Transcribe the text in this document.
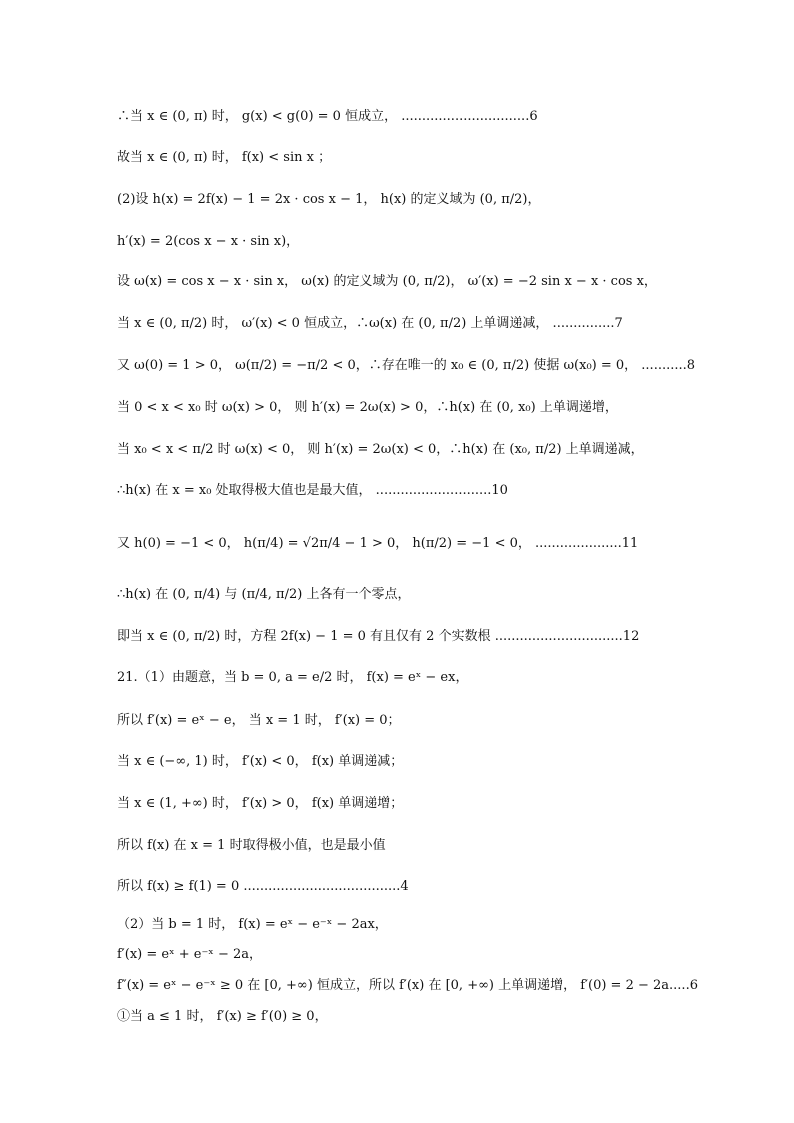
∴当 x ∈ (0, π) 时， g(x) < g(0) = 0 恒成立， ...............................6
故当 x ∈ (0, π) 时， f(x) < sin x ；
(2)设 h(x) = 2f(x) − 1 = 2x · cos x − 1， h(x) 的定义域为 (0, π/2)，
h′(x) = 2(cos x − x · sin x)，
设 ω(x) = cos x − x · sin x， ω(x) 的定义域为 (0, π/2)， ω′(x) = −2 sin x − x · cos x，
当 x ∈ (0, π/2) 时， ω′(x) < 0 恒成立，∴ω(x) 在 (0, π/2) 上单调递减， ...............7
又 ω(0) = 1 > 0， ω(π/2) = −π/2 < 0，∴存在唯一的 x₀ ∈ (0, π/2) 使据 ω(x₀) = 0， ...........8
当 0 < x < x₀ 时 ω(x) > 0， 则 h′(x) = 2ω(x) > 0，∴h(x) 在 (0, x₀) 上单调递增，
当 x₀ < x < π/2 时 ω(x) < 0， 则 h′(x) = 2ω(x) < 0，∴h(x) 在 (x₀, π/2) 上单调递减，
∴h(x) 在 x = x₀ 处取得极大值也是最大值， ............................10
又 h(0) = −1 < 0， h(π/4) = √2π/4 − 1 > 0， h(π/2) = −1 < 0， .....................11
∴h(x) 在 (0, π/4) 与 (π/4, π/2) 上各有一个零点，
即当 x ∈ (0, π/2) 时，方程 2f(x) − 1 = 0 有且仅有 2 个实数根 ...............................12
21.（1）由题意，当 b = 0, a = e/2 时， f(x) = eˣ − ex，
所以 f′(x) = eˣ − e， 当 x = 1 时， f′(x) = 0；
当 x ∈ (−∞, 1) 时， f′(x) < 0， f(x) 单调递减；
当 x ∈ (1, +∞) 时， f′(x) > 0， f(x) 单调递增；
所以 f(x) 在 x = 1 时取得极小值，也是最小值
所以 f(x) ≥ f(1) = 0 ......................................4
（2）当 b = 1 时， f(x) = eˣ − e⁻ˣ − 2ax，
f′(x) = eˣ + e⁻ˣ − 2a，
f″(x) = eˣ − e⁻ˣ ≥ 0 在 [0, +∞) 恒成立，所以 f′(x) 在 [0, +∞) 上单调递增， f′(0) = 2 − 2a.....6
①当 a ≤ 1 时， f′(x) ≥ f′(0) ≥ 0，
